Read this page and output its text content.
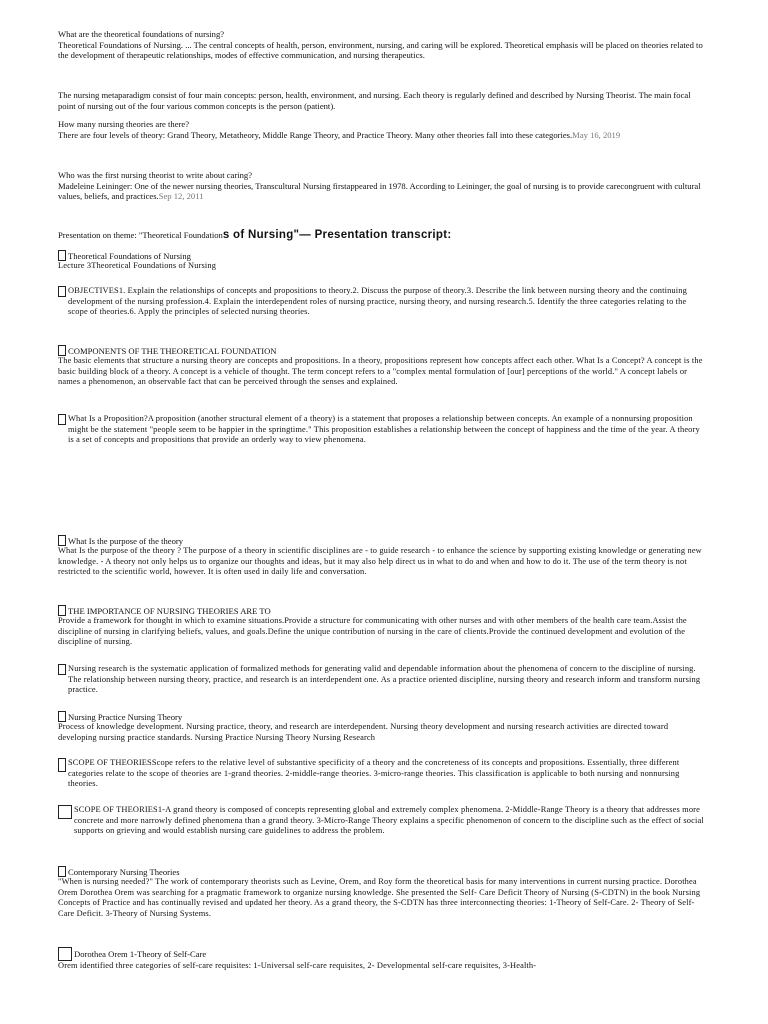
What are the theoretical foundations of nursing?

Theoretical Foundations of Nursing. ... The central concepts of health, person, environment, nursing, and caring will be explored. Theoretical emphasis will be placed on theories related to the development of therapeutic relationships, modes of effective communication, and nursing therapeutics.

The nursing metaparadigm consist of four main concepts: person, health, environment, and nursing. Each theory is regularly defined and described by Nursing Theorist. The main focal point of nursing out of the four various common concepts is the person (patient).

How many nursing theories are there?

There are four levels of theory: Grand Theory, Metatheory, Middle Range Theory, and Practice Theory. Many other theories fall into these categories.May 16, 2019

Who was the first nursing theorist to write about caring?

Madeleine Leininger: One of the newer nursing theories, Transcultural Nursing firstappeared in 1978. According to Leininger, the goal of nursing is to provide carecongruent with cultural values, beliefs, and practices.Sep 12, 2011

Presentation on theme: "Theoretical Foundations of Nursing"— Presentation transcript:
Theoretical Foundations of Nursing
Lecture 3Theoretical Foundations of Nursing
OBJECTIVES1. Explain the relationships of concepts and propositions to theory.2. Discuss the purpose of theory.3. Describe the link between nursing theory and the continuing development of the nursing profession.4. Explain the interdependent roles of nursing practice, nursing theory, and nursing research.5. Identify the three categories relating to the scope of theories.6. Apply the principles of selected nursing theories.
COMPONENTS OF THE THEORETICAL FOUNDATION
The basic elements that structure a nursing theory are concepts and propositions. In a theory, propositions represent how concepts affect each other. What Is a Concept? A concept is the basic building block of a theory. A concept is a vehicle of thought. The term concept refers to a "complex mental formulation of [our] perceptions of the world." A concept labels or names a phenomenon, an observable fact that can be perceived through the senses and explained.
What Is a Proposition?A proposition (another structural element of a theory) is a statement that proposes a relationship between concepts. An example of a nonnursing proposition might be the statement "people seem to be happier in the springtime." This proposition establishes a relationship between the concept of happiness and the time of the year. A theory is a set of concepts and propositions that provide an orderly way to view phenomena.
What Is the purpose of the theory
What Is the purpose of the theory ? The purpose of a theory in scientific disciplines are - to guide research - to enhance the science by supporting existing knowledge or generating new knowledge. - A theory not only helps us to organize our thoughts and ideas, but it may also help direct us in what to do and when and how to do it. The use of the term theory is not restricted to the scientific world, however. It is often used in daily life and conversation.
THE IMPORTANCE OF NURSING THEORIES ARE TO
Provide a framework for thought in which to examine situations.Provide a structure for communicating with other nurses and with other members of the health care team.Assist the discipline of nursing in clarifying beliefs, values, and goals.Define the unique contribution of nursing in the care of clients.Provide the continued development and evolution of the discipline of nursing.
Nursing research is the systematic application of formalized methods for generating valid and dependable information about the phenomena of concern to the discipline of nursing. The relationship between nursing theory, practice, and research is an interdependent one. As a practice oriented discipline, nursing theory and research inform and transform nursing practice.
Nursing Practice Nursing Theory
Process of knowledge development. Nursing practice, theory, and research are interdependent. Nursing theory development and nursing research activities are directed toward developing nursing practice standards. Nursing Practice Nursing Theory Nursing Research
SCOPE OF THEORIESScope refers to the relative level of substantive specificity of a theory and the concreteness of its concepts and propositions. Essentially, three different categories relate to the scope of theories are 1-grand theories. 2-middle-range theories. 3-micro-range theories. This classification is applicable to both nursing and nonnursing theories.
SCOPE OF THEORIES1-A grand theory is composed of concepts representing global and extremely complex phenomena. 2-Middle-Range Theory is a theory that addresses more concrete and more narrowly defined phenomena than a grand theory. 3-Micro-Range Theory explains a specific phenomenon of concern to the discipline such as the effect of social supports on grieving and would establish nursing care guidelines to address the problem.
Contemporary Nursing Theories
"When is nursing needed?" The work of contemporary theorists such as Levine, Orem, and Roy form the theoretical basis for many interventions in current nursing practice. Dorothea Orem Dorothea Orem was searching for a pragmatic framework to organize nursing knowledge. She presented the Self- Care Deficit Theory of Nursing (S-CDTN) in the book Nursing Concepts of Practice and has continually revised and updated her theory. As a grand theory, the S-CDTN has three interconnecting theories: 1-Theory of Self-Care. 2- Theory of Self-Care Deficit. 3-Theory of Nursing Systems.
Dorothea Orem 1-Theory of Self-Care
Orem identified three categories of self-care requisites: 1-Universal self-care requisites, 2- Developmental self-care requisites, 3-Health-
